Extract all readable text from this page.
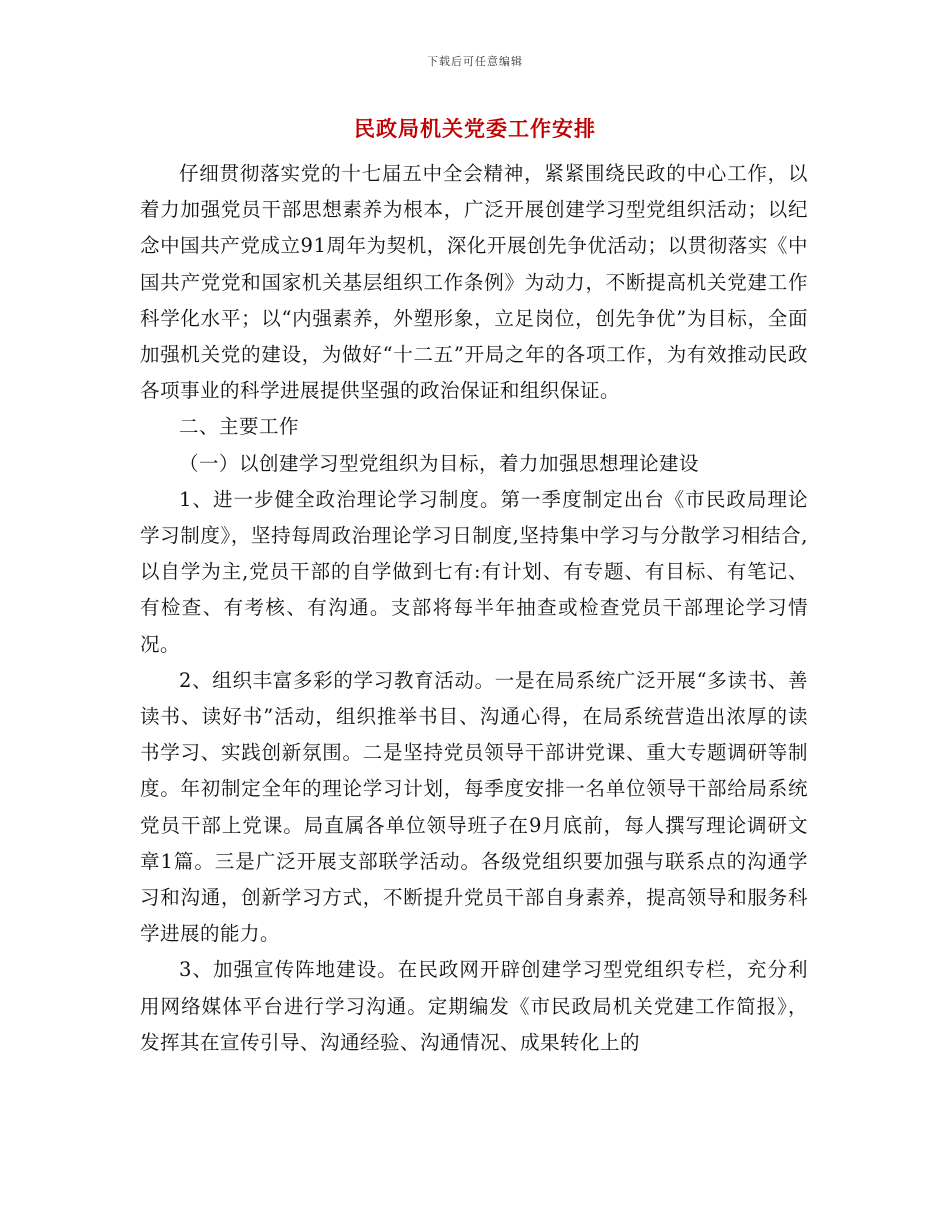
下载后可任意编辑
民政局机关党委工作安排

仔细贯彻落实党的十七届五中全会精神，紧紧围绕民政的中心工作，以着力加强党员干部思想素养为根本，广泛开展创建学习型党组织活动；以纪念中国共产党成立91周年为契机，深化开展创先争优活动；以贯彻落实《中国共产党党和国家机关基层组织工作条例》为动力，不断提高机关党建工作科学化水平；以“内强素养，外塑形象，立足岗位，创先争优”为目标，全面加强机关党的建设，为做好“十二五”开局之年的各项工作，为有效推动民政各项事业的科学进展提供坚强的政治保证和组织保证。

二、主要工作

（一）以创建学习型党组织为目标，着力加强思想理论建设

1、进一步健全政治理论学习制度。第一季度制定出台《市民政局理论学习制度》，坚持每周政治理论学习日制度,坚持集中学习与分散学习相结合,以自学为主,党员干部的自学做到七有:有计划、有专题、有目标、有笔记、有检查、有考核、有沟通。支部将每半年抽查或检查党员干部理论学习情况。

2、组织丰富多彩的学习教育活动。一是在局系统广泛开展“多读书、善读书、读好书”活动，组织推举书目、沟通心得，在局系统营造出浓厚的读书学习、实践创新氛围。二是坚持党员领导干部讲党课、重大专题调研等制度。年初制定全年的理论学习计划，每季度安排一名单位领导干部给局系统党员干部上党课。局直属各单位领导班子在9月底前，每人撰写理论调研文章1篇。三是广泛开展支部联学活动。各级党组织要加强与联系点的沟通学习和沟通，创新学习方式，不断提升党员干部自身素养，提高领导和服务科学进展的能力。

3、加强宣传阵地建设。在民政网开辟创建学习型党组织专栏，充分利用网络媒体平台进行学习沟通。定期编发《市民政局机关党建工作简报》，发挥其在宣传引导、沟通经验、沟通情况、成果转化上的
